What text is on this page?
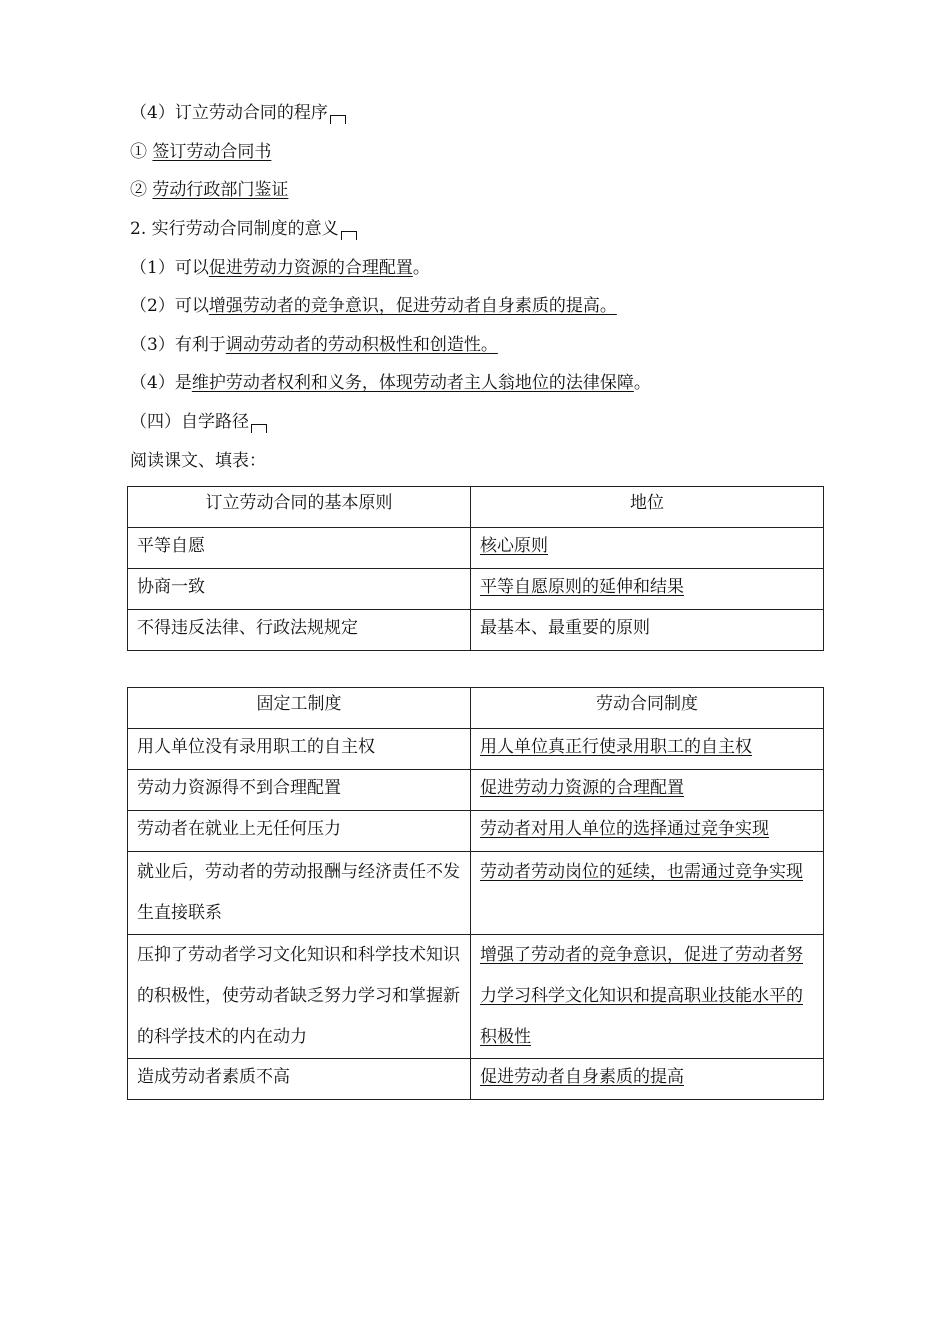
（4）订立劳动合同的程序
① 签订劳动合同书
② 劳动行政部门鉴证
2. 实行劳动合同制度的意义
（1）可以促进劳动力资源的合理配置。
（2）可以增强劳动者的竞争意识，促进劳动者自身素质的提高。
（3）有利于调动劳动者的劳动积极性和创造性。
（4）是维护劳动者权利和义务，体现劳动者主人翁地位的法律保障。
（四）自学路径
阅读课文、填表：
订立劳动合同的基本原则	地位
平等自愿	核心原则
协商一致	平等自愿原则的延伸和结果
不得违反法律、行政法规规定	最基本、最重要的原则
固定工制度	劳动合同制度
用人单位没有录用职工的自主权	用人单位真正行使录用职工的自主权
劳动力资源得不到合理配置	促进劳动力资源的合理配置
劳动者在就业上无任何压力	劳动者对用人单位的选择通过竞争实现
就业后，劳动者的劳动报酬与经济责任不发生直接联系	劳动者劳动岗位的延续，也需通过竞争实现
压抑了劳动者学习文化知识和科学技术知识的积极性，使劳动者缺乏努力学习和掌握新的科学技术的内在动力	增强了劳动者的竞争意识，促进了劳动者努力学习科学文化知识和提高职业技能水平的积极性
造成劳动者素质不高	促进劳动者自身素质的提高
